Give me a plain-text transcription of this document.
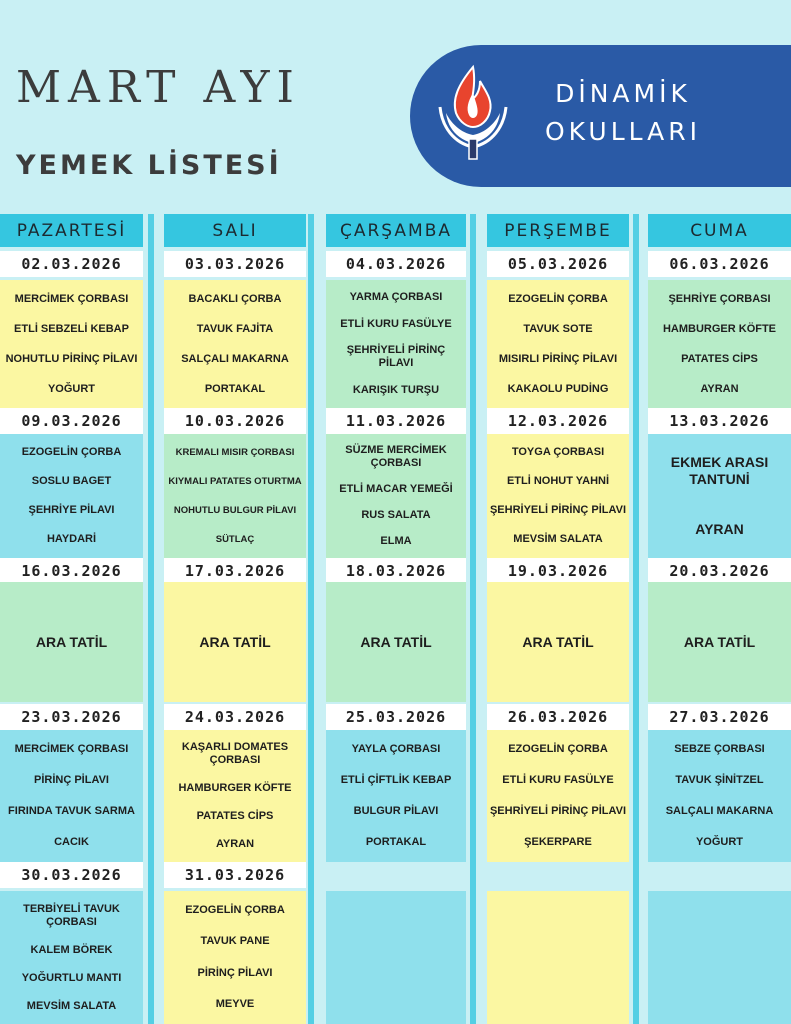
MART AYI
YEMEK LİSTESİ
DİNAMİK
OKULLARI
PAZARTESİ	SALI	ÇARŞAMBA	PERŞEMBE	CUMA
02.03.2026
MERCİMEK ÇORBASI
ETLİ SEBZELİ KEBAP
NOHUTLU PİRİNÇ PİLAVI
YOĞURT
03.03.2026
BACAKLI ÇORBA
TAVUK FAJİTA
SALÇALI MAKARNA
PORTAKAL
04.03.2026
YARMA ÇORBASI
ETLİ KURU FASÜLYE
ŞEHRİYELİ PİRİNÇ PİLAVI
KARIŞIK TURŞU
05.03.2026
EZOGELİN ÇORBA
TAVUK SOTE
MISIRLI PİRİNÇ PİLAVI
KAKAOLU PUDİNG
06.03.2026
ŞEHRİYE ÇORBASI
HAMBURGER KÖFTE
PATATES CİPS
AYRAN
09.03.2026
EZOGELİN ÇORBA
SOSLU BAGET
ŞEHRİYE PİLAVI
HAYDARİ
10.03.2026
KREMALI MISIR ÇORBASI
KIYMALI PATATES OTURTMA
NOHUTLU BULGUR PİLAVI
SÜTLAÇ
11.03.2026
SÜZME MERCİMEK ÇORBASI
ETLİ MACAR YEMEĞİ
RUS SALATA
ELMA
12.03.2026
TOYGA ÇORBASI
ETLİ NOHUT YAHNİ
ŞEHRİYELİ PİRİNÇ PİLAVI
MEVSİM SALATA
13.03.2026
EKMEK ARASI TANTUNİ
AYRAN
16.03.2026
ARA TATİL
17.03.2026
ARA TATİL
18.03.2026
ARA TATİL
19.03.2026
ARA TATİL
20.03.2026
ARA TATİL
23.03.2026
MERCİMEK ÇORBASI
PİRİNÇ PİLAVI
FIRINDA TAVUK SARMA
CACIK
24.03.2026
KAŞARLI DOMATES ÇORBASI
HAMBURGER KÖFTE
PATATES CİPS
AYRAN
25.03.2026
YAYLA ÇORBASI
ETLİ ÇİFTLİK KEBAP
BULGUR PİLAVI
PORTAKAL
26.03.2026
EZOGELİN ÇORBA
ETLİ KURU FASÜLYE
ŞEHRİYELİ PİRİNÇ PİLAVI
ŞEKERPARE
27.03.2026
SEBZE ÇORBASI
TAVUK ŞİNİTZEL
SALÇALI MAKARNA
YOĞURT
30.03.2026
TERBİYELİ TAVUK ÇORBASI
KALEM BÖREK
YOĞURTLU MANTI
MEVSİM SALATA
31.03.2026
EZOGELİN ÇORBA
TAVUK PANE
PİRİNÇ PİLAVI
MEYVE
